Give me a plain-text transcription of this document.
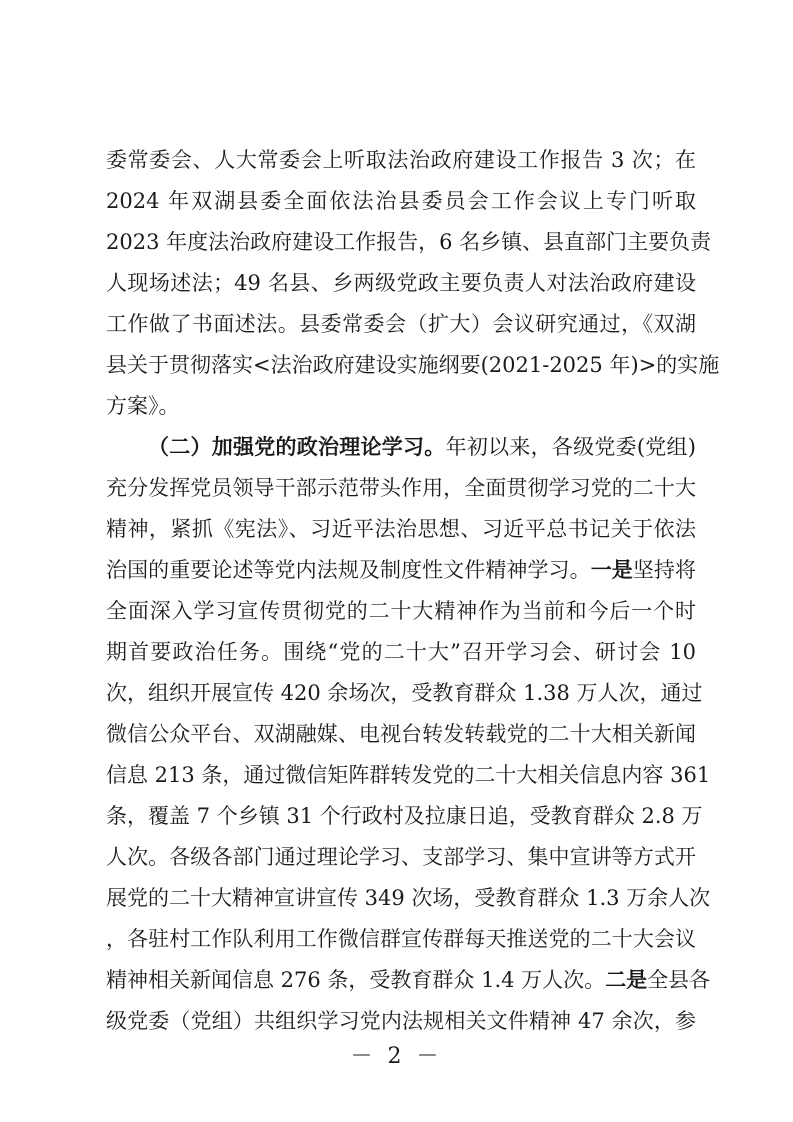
委常委会、人大常委会上听取法治政府建设工作报告 3 次；在
2024 年双湖县委全面依法治县委员会工作会议上专门听取
2023 年度法治政府建设工作报告，6 名乡镇、县直部门主要负责
人现场述法；49 名县、乡两级党政主要负责人对法治政府建设
工作做了书面述法。县委常委会（扩大）会议研究通过，《双湖
县关于贯彻落实<法治政府建设实施纲要(2021-2025 年)>的实施
方案》。
（二）加强党的政治理论学习。年初以来，各级党委(党组)
充分发挥党员领导干部示范带头作用，全面贯彻学习党的二十大
精神，紧抓《宪法》、习近平法治思想、习近平总书记关于依法
治国的重要论述等党内法规及制度性文件精神学习。一是坚持将
全面深入学习宣传贯彻党的二十大精神作为当前和今后一个时
期首要政治任务。围绕“党的二十大”召开学习会、研讨会 10
次，组织开展宣传 420 余场次，受教育群众 1.38 万人次，通过
微信公众平台、双湖融媒、电视台转发转载党的二十大相关新闻
信息 213 条，通过微信矩阵群转发党的二十大相关信息内容 361
条，覆盖 7 个乡镇 31 个行政村及拉康日追，受教育群众 2.8 万
人次。各级各部门通过理论学习、支部学习、集中宣讲等方式开
展党的二十大精神宣讲宣传 349 次场，受教育群众 1.3 万余人次
，各驻村工作队利用工作微信群宣传群每天推送党的二十大会议
精神相关新闻信息 276 条，受教育群众 1.4 万人次。二是全县各
级党委（党组）共组织学习党内法规相关文件精神 47 余次，参
－ 2 －
